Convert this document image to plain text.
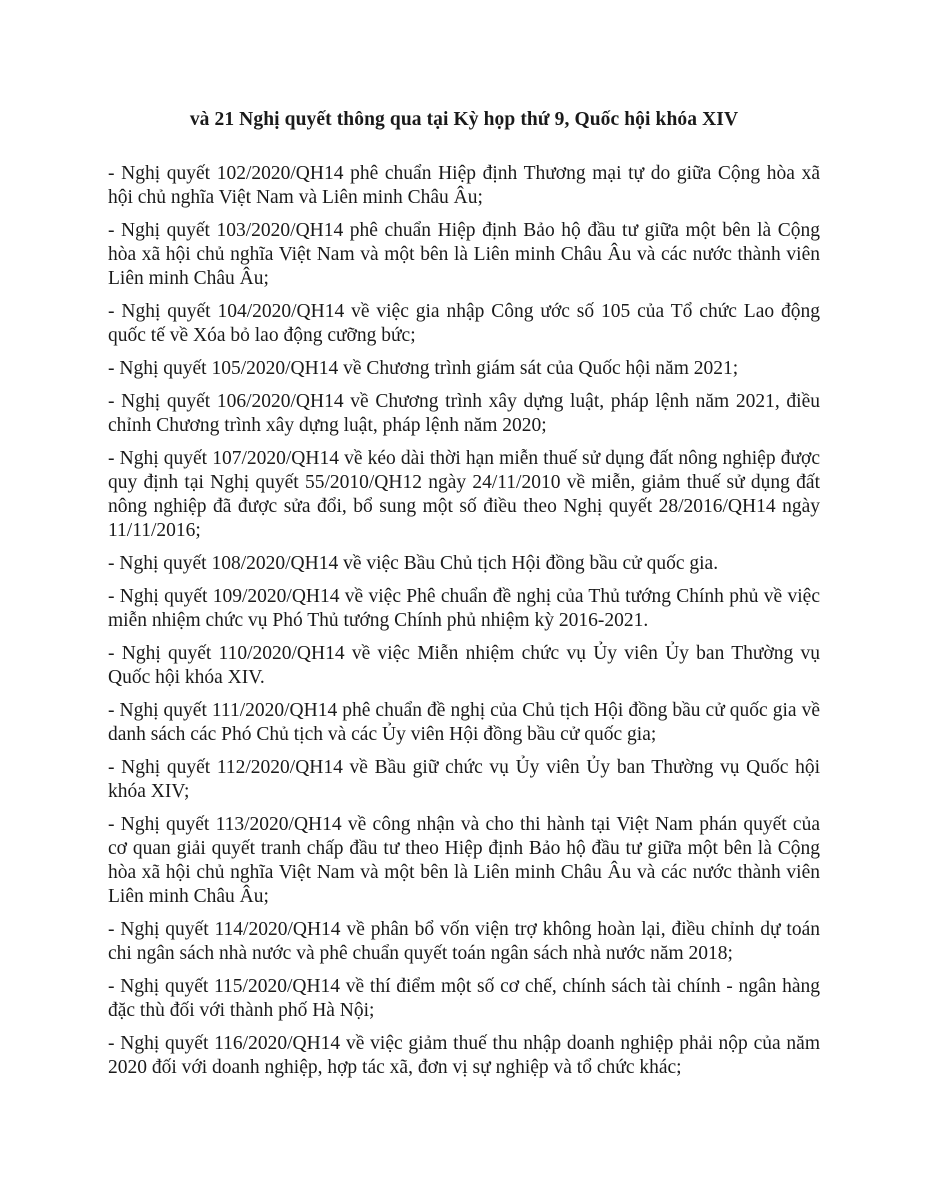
và 21 Nghị quyết thông qua tại Kỳ họp thứ 9, Quốc hội khóa XIV
- Nghị quyết 102/2020/QH14 phê chuẩn Hiệp định Thương mại tự do giữa Cộng hòa xã hội chủ nghĩa Việt Nam và Liên minh Châu Âu;
- Nghị quyết 103/2020/QH14 phê chuẩn Hiệp định Bảo hộ đầu tư giữa một bên là Cộng hòa xã hội chủ nghĩa Việt Nam và một bên là Liên minh Châu Âu và các nước thành viên Liên minh Châu Âu;
- Nghị quyết 104/2020/QH14 về việc gia nhập Công ước số 105 của Tổ chức Lao động quốc tế về Xóa bỏ lao động cưỡng bức;
- Nghị quyết 105/2020/QH14 về Chương trình giám sát của Quốc hội năm 2021;
- Nghị quyết 106/2020/QH14 về Chương trình xây dựng luật, pháp lệnh năm 2021, điều chỉnh Chương trình xây dựng luật, pháp lệnh năm 2020;
- Nghị quyết 107/2020/QH14 về kéo dài thời hạn miễn thuế sử dụng đất nông nghiệp được quy định tại Nghị quyết 55/2010/QH12 ngày 24/11/2010 về miễn, giảm thuế sử dụng đất nông nghiệp đã được sửa đổi, bổ sung một số điều theo Nghị quyết 28/2016/QH14 ngày 11/11/2016;
- Nghị quyết 108/2020/QH14 về việc Bầu Chủ tịch Hội đồng bầu cử quốc gia.
- Nghị quyết 109/2020/QH14 về việc Phê chuẩn đề nghị của Thủ tướng Chính phủ về việc miễn nhiệm chức vụ Phó Thủ tướng Chính phủ nhiệm kỳ 2016-2021.
- Nghị quyết 110/2020/QH14 về việc Miễn nhiệm chức vụ Ủy viên Ủy ban Thường vụ Quốc hội khóa XIV.
- Nghị quyết 111/2020/QH14 phê chuẩn đề nghị của Chủ tịch Hội đồng bầu cử quốc gia về danh sách các Phó Chủ tịch và các Ủy viên Hội đồng bầu cử quốc gia;
- Nghị quyết 112/2020/QH14 về Bầu giữ chức vụ Ủy viên Ủy ban Thường vụ Quốc hội khóa XIV;
- Nghị quyết 113/2020/QH14 về công nhận và cho thi hành tại Việt Nam phán quyết của cơ quan giải quyết tranh chấp đầu tư theo Hiệp định Bảo hộ đầu tư giữa một bên là Cộng hòa xã hội chủ nghĩa Việt Nam và một bên là Liên minh Châu Âu và các nước thành viên Liên minh Châu Âu;
- Nghị quyết 114/2020/QH14 về phân bổ vốn viện trợ không hoàn lại, điều chỉnh dự toán chi ngân sách nhà nước và phê chuẩn quyết toán ngân sách nhà nước năm 2018;
- Nghị quyết 115/2020/QH14 về thí điểm một số cơ chế, chính sách tài chính - ngân hàng đặc thù đối với thành phố Hà Nội;
- Nghị quyết 116/2020/QH14 về việc giảm thuế thu nhập doanh nghiệp phải nộp của năm 2020 đối với doanh nghiệp, hợp tác xã, đơn vị sự nghiệp và tổ chức khác;
